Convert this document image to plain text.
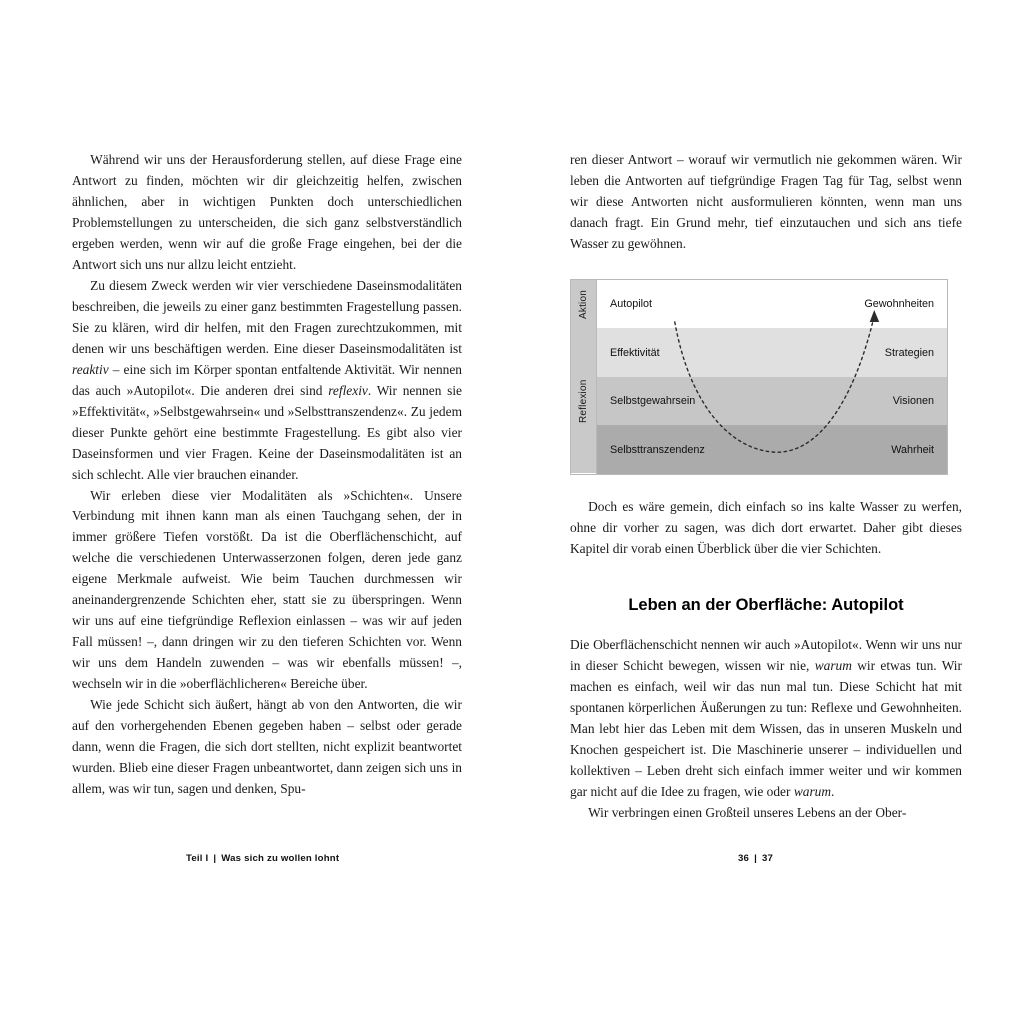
Während wir uns der Herausforderung stellen, auf diese Frage eine Antwort zu finden, möchten wir dir gleichzeitig helfen, zwischen ähnlichen, aber in wichtigen Punkten doch unterschiedlichen Problemstellungen zu unterscheiden, die sich ganz selbstverständlich ergeben werden, wenn wir auf die große Frage eingehen, bei der die Antwort sich uns nur allzu leicht entzieht.

Zu diesem Zweck werden wir vier verschiedene Daseinsmodalitäten beschreiben, die jeweils zu einer ganz bestimmten Fragestellung passen. Sie zu klären, wird dir helfen, mit den Fragen zurechtzukommen, mit denen wir uns beschäftigen werden. Eine dieser Daseinsmodalitäten ist reaktiv – eine sich im Körper spontan entfaltende Aktivität. Wir nennen das auch »Autopilot«. Die anderen drei sind reflexiv. Wir nennen sie »Effektivität«, »Selbstgewahrsein« und »Selbsttranszendenz«. Zu jedem dieser Punkte gehört eine bestimmte Fragestellung. Es gibt also vier Daseinsformen und vier Fragen. Keine der Daseinsmodalitäten ist an sich schlecht. Alle vier brauchen einander.

Wir erleben diese vier Modalitäten als »Schichten«. Unsere Verbindung mit ihnen kann man als einen Tauchgang sehen, der in immer größere Tiefen vorstößt. Da ist die Oberflächenschicht, auf welche die verschiedenen Unterwasserzonen folgen, deren jede ganz eigene Merkmale aufweist. Wie beim Tauchen durchmessen wir aneinandergrenzende Schichten eher, statt sie zu überspringen. Wenn wir uns auf eine tiefgründige Reflexion einlassen – was wir auf jeden Fall müssen! –, dann dringen wir zu den tieferen Schichten vor. Wenn wir uns dem Handeln zuwenden – was wir ebenfalls müssen! –, wechseln wir in die »oberflächlicheren« Bereiche über.

Wie jede Schicht sich äußert, hängt ab von den Antworten, die wir auf den vorhergehenden Ebenen gegeben haben – selbst oder gerade dann, wenn die Fragen, die sich dort stellten, nicht explizit beantwortet wurden. Blieb eine dieser Fragen unbeantwortet, dann zeigen sich uns in allem, was wir tun, sagen und denken, Spu-

Teil I | Was sich zu wollen lohnt

ren dieser Antwort – worauf wir vermutlich nie gekommen wären. Wir leben die Antworten auf tiefgründige Fragen Tag für Tag, selbst wenn wir diese Antworten nicht ausformulieren könnten, wenn man uns danach fragt. Ein Grund mehr, tief einzutauchen und sich ans tiefe Wasser zu gewöhnen.

Aktion
Reflexion
Autopilot	Gewohnheiten
Effektivität	Strategien
Selbstgewahrsein	Visionen
Selbsttranszendenz	Wahrheit

Doch es wäre gemein, dich einfach so ins kalte Wasser zu werfen, ohne dir vorher zu sagen, was dich dort erwartet. Daher gibt dieses Kapitel dir vorab einen Überblick über die vier Schichten.

Leben an der Oberfläche: Autopilot

Die Oberflächenschicht nennen wir auch »Autopilot«. Wenn wir uns nur in dieser Schicht bewegen, wissen wir nie, warum wir etwas tun. Wir machen es einfach, weil wir das nun mal tun. Diese Schicht hat mit spontanen körperlichen Äußerungen zu tun: Reflexe und Gewohnheiten. Man lebt hier das Leben mit dem Wissen, das in unseren Muskeln und Knochen gespeichert ist. Die Maschinerie unserer – individuellen und kollektiven – Leben dreht sich einfach immer weiter und wir kommen gar nicht auf die Idee zu fragen, wie oder warum.

Wir verbringen einen Großteil unseres Lebens an der Ober-

36 | 37
